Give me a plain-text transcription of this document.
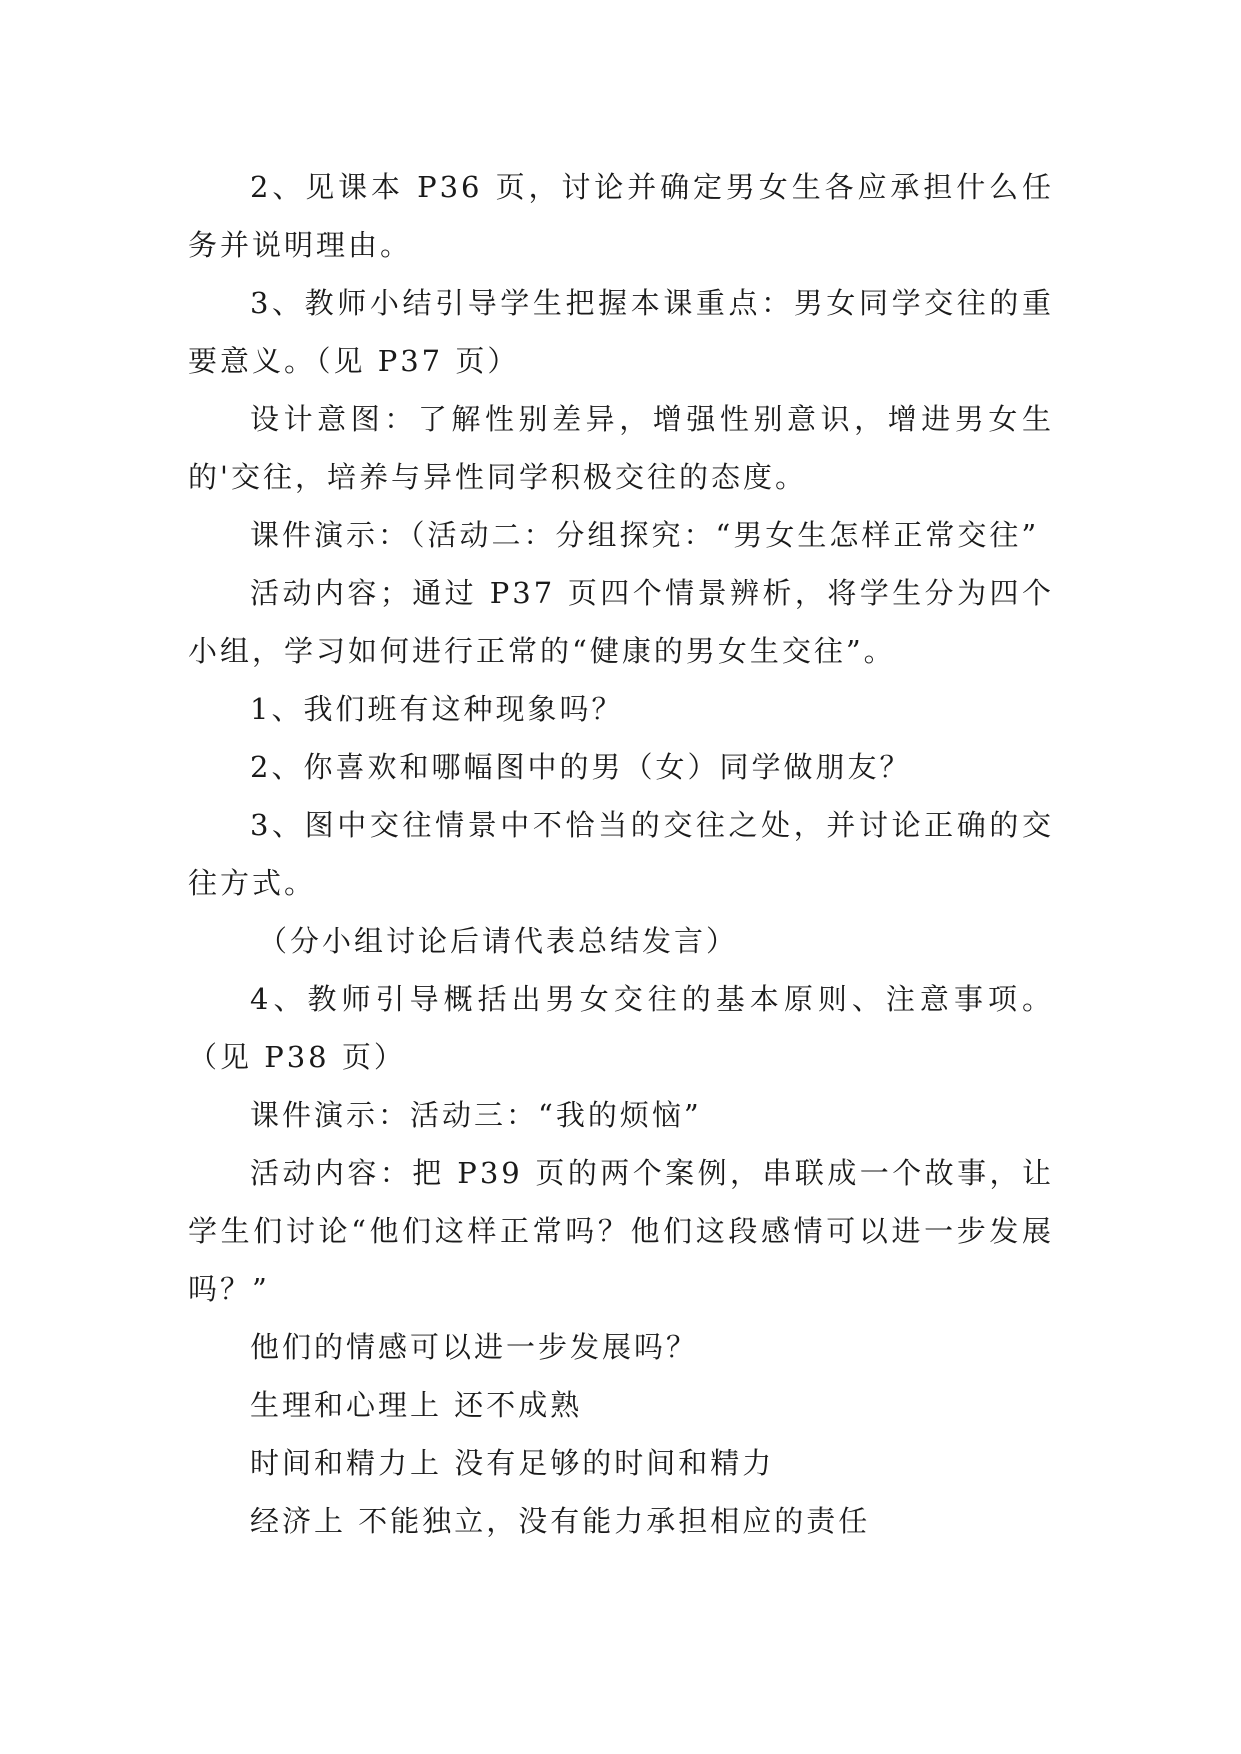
2、见课本 P36 页，讨论并确定男女生各应承担什么任务并说明理由。

3、教师小结引导学生把握本课重点：男女同学交往的重要意义。（见 P37 页）

设计意图：了解性别差异，增强性别意识，增进男女生的'交往，培养与异性同学积极交往的态度。

课件演示：（活动二：分组探究：“男女生怎样正常交往”

活动内容；通过 P37 页四个情景辨析，将学生分为四个小组，学习如何进行正常的“健康的男女生交往”。

1、我们班有这种现象吗？

2、你喜欢和哪幅图中的男（女）同学做朋友？

3、图中交往情景中不恰当的交往之处，并讨论正确的交往方式。

（分小组讨论后请代表总结发言）

4、教师引导概括出男女交往的基本原则、注意事项。（见 P38 页）

课件演示：活动三：“我的烦恼”

活动内容：把 P39 页的两个案例，串联成一个故事，让学生们讨论“他们这样正常吗？他们这段感情可以进一步发展吗？”

他们的情感可以进一步发展吗？

生理和心理上 还不成熟

时间和精力上 没有足够的时间和精力

经济上 不能独立，没有能力承担相应的责任
